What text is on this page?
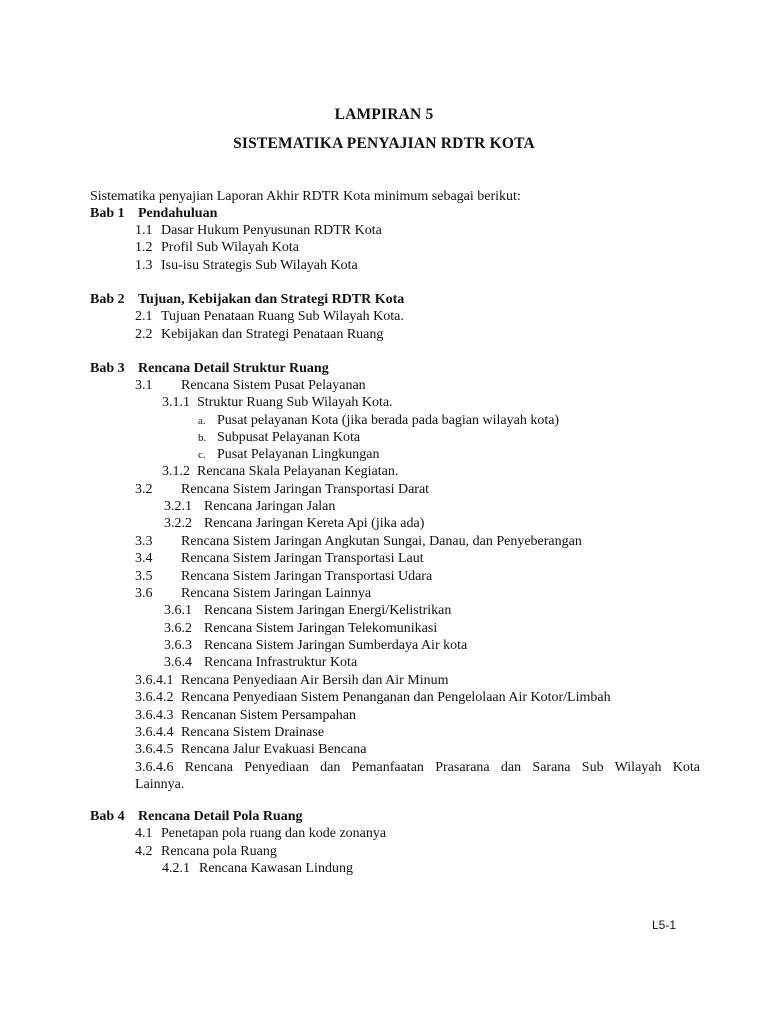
LAMPIRAN 5
SISTEMATIKA PENYAJIAN RDTR KOTA
Sistematika penyajian Laporan Akhir RDTR Kota minimum sebagai berikut:
Bab 1 Pendahuluan
1.1 Dasar Hukum Penyusunan RDTR Kota
1.2 Profil Sub Wilayah Kota
1.3 Isu-isu Strategis Sub Wilayah Kota
Bab 2 Tujuan, Kebijakan dan Strategi RDTR Kota
2.1 Tujuan Penataan Ruang Sub Wilayah Kota.
2.2 Kebijakan dan Strategi Penataan Ruang
Bab 3 Rencana Detail Struktur Ruang
3.1 Rencana Sistem Pusat Pelayanan
3.1.1 Struktur Ruang Sub Wilayah Kota.
a. Pusat pelayanan Kota (jika berada pada bagian wilayah kota)
b. Subpusat Pelayanan Kota
c. Pusat Pelayanan Lingkungan
3.1.2 Rencana Skala Pelayanan Kegiatan.
3.2 Rencana Sistem Jaringan Transportasi Darat
3.2.1 Rencana Jaringan Jalan
3.2.2 Rencana Jaringan Kereta Api (jika ada)
3.3 Rencana Sistem Jaringan Angkutan Sungai, Danau, dan Penyeberangan
3.4 Rencana Sistem Jaringan Transportasi Laut
3.5 Rencana Sistem Jaringan Transportasi Udara
3.6 Rencana Sistem Jaringan Lainnya
3.6.1 Rencana Sistem Jaringan Energi/Kelistrikan
3.6.2 Rencana Sistem Jaringan Telekomunikasi
3.6.3 Rencana Sistem Jaringan Sumberdaya Air kota
3.6.4 Rencana Infrastruktur Kota
3.6.4.1 Rencana Penyediaan Air Bersih dan Air Minum
3.6.4.2 Rencana Penyediaan Sistem Penanganan dan Pengelolaan Air Kotor/Limbah
3.6.4.3 Rencanan Sistem Persampahan
3.6.4.4 Rencana Sistem Drainase
3.6.4.5 Rencana Jalur Evakuasi Bencana
3.6.4.6 Rencana Penyediaan dan Pemanfaatan Prasarana dan Sarana Sub Wilayah Kota
Lainnya.
Bab 4 Rencana Detail Pola Ruang
4.1 Penetapan pola ruang dan kode zonanya
4.2 Rencana pola Ruang
4.2.1 Rencana Kawasan Lindung
L5-1
